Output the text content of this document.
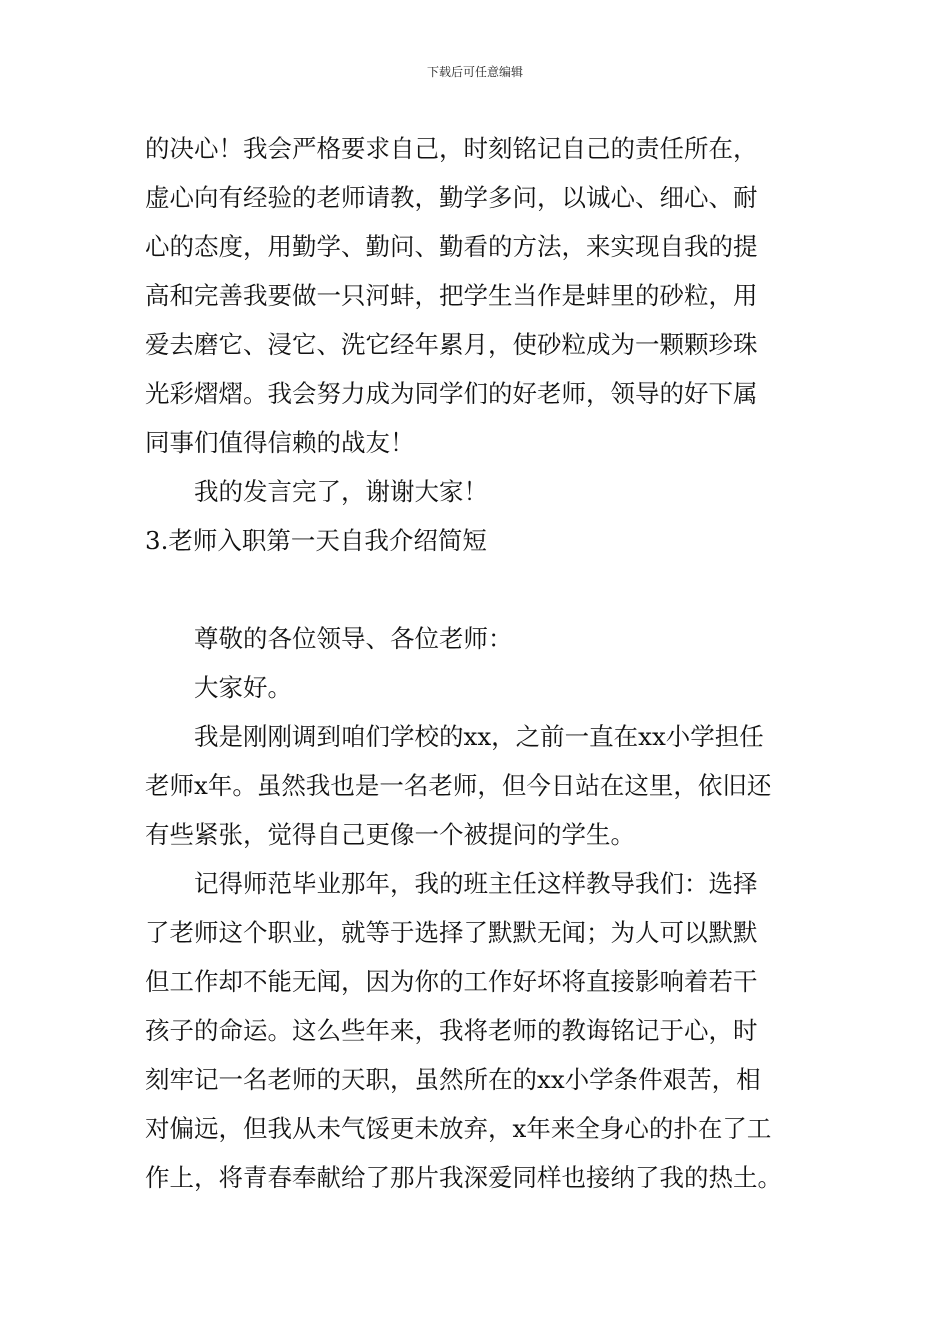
下载后可任意编辑
的决心！我会严格要求自己，时刻铭记自己的责任所在，
虚心向有经验的老师请教，勤学多问，以诚心、细心、耐
心的态度，用勤学、勤问、勤看的方法，来实现自我的提
高和完善我要做一只河蚌，把学生当作是蚌里的砂粒，用
爱去磨它、浸它、洗它经年累月，使砂粒成为一颗颗珍珠
光彩熠熠。我会努力成为同学们的好老师，领导的好下属
同事们值得信赖的战友！
我的发言完了，谢谢大家！
3.老师入职第一天自我介绍简短
尊敬的各位领导、各位老师：
大家好。
我是刚刚调到咱们学校的xx，之前一直在xx小学担任
老师x年。虽然我也是一名老师，但今日站在这里，依旧还
有些紧张，觉得自己更像一个被提问的学生。
记得师范毕业那年，我的班主任这样教导我们：选择
了老师这个职业，就等于选择了默默无闻；为人可以默默
但工作却不能无闻，因为你的工作好坏将直接影响着若干
孩子的命运。这么些年来，我将老师的教诲铭记于心，时
刻牢记一名老师的天职，虽然所在的xx小学条件艰苦，相
对偏远，但我从未气馁更未放弃，x年来全身心的扑在了工
作上，将青春奉献给了那片我深爱同样也接纳了我的热土。
